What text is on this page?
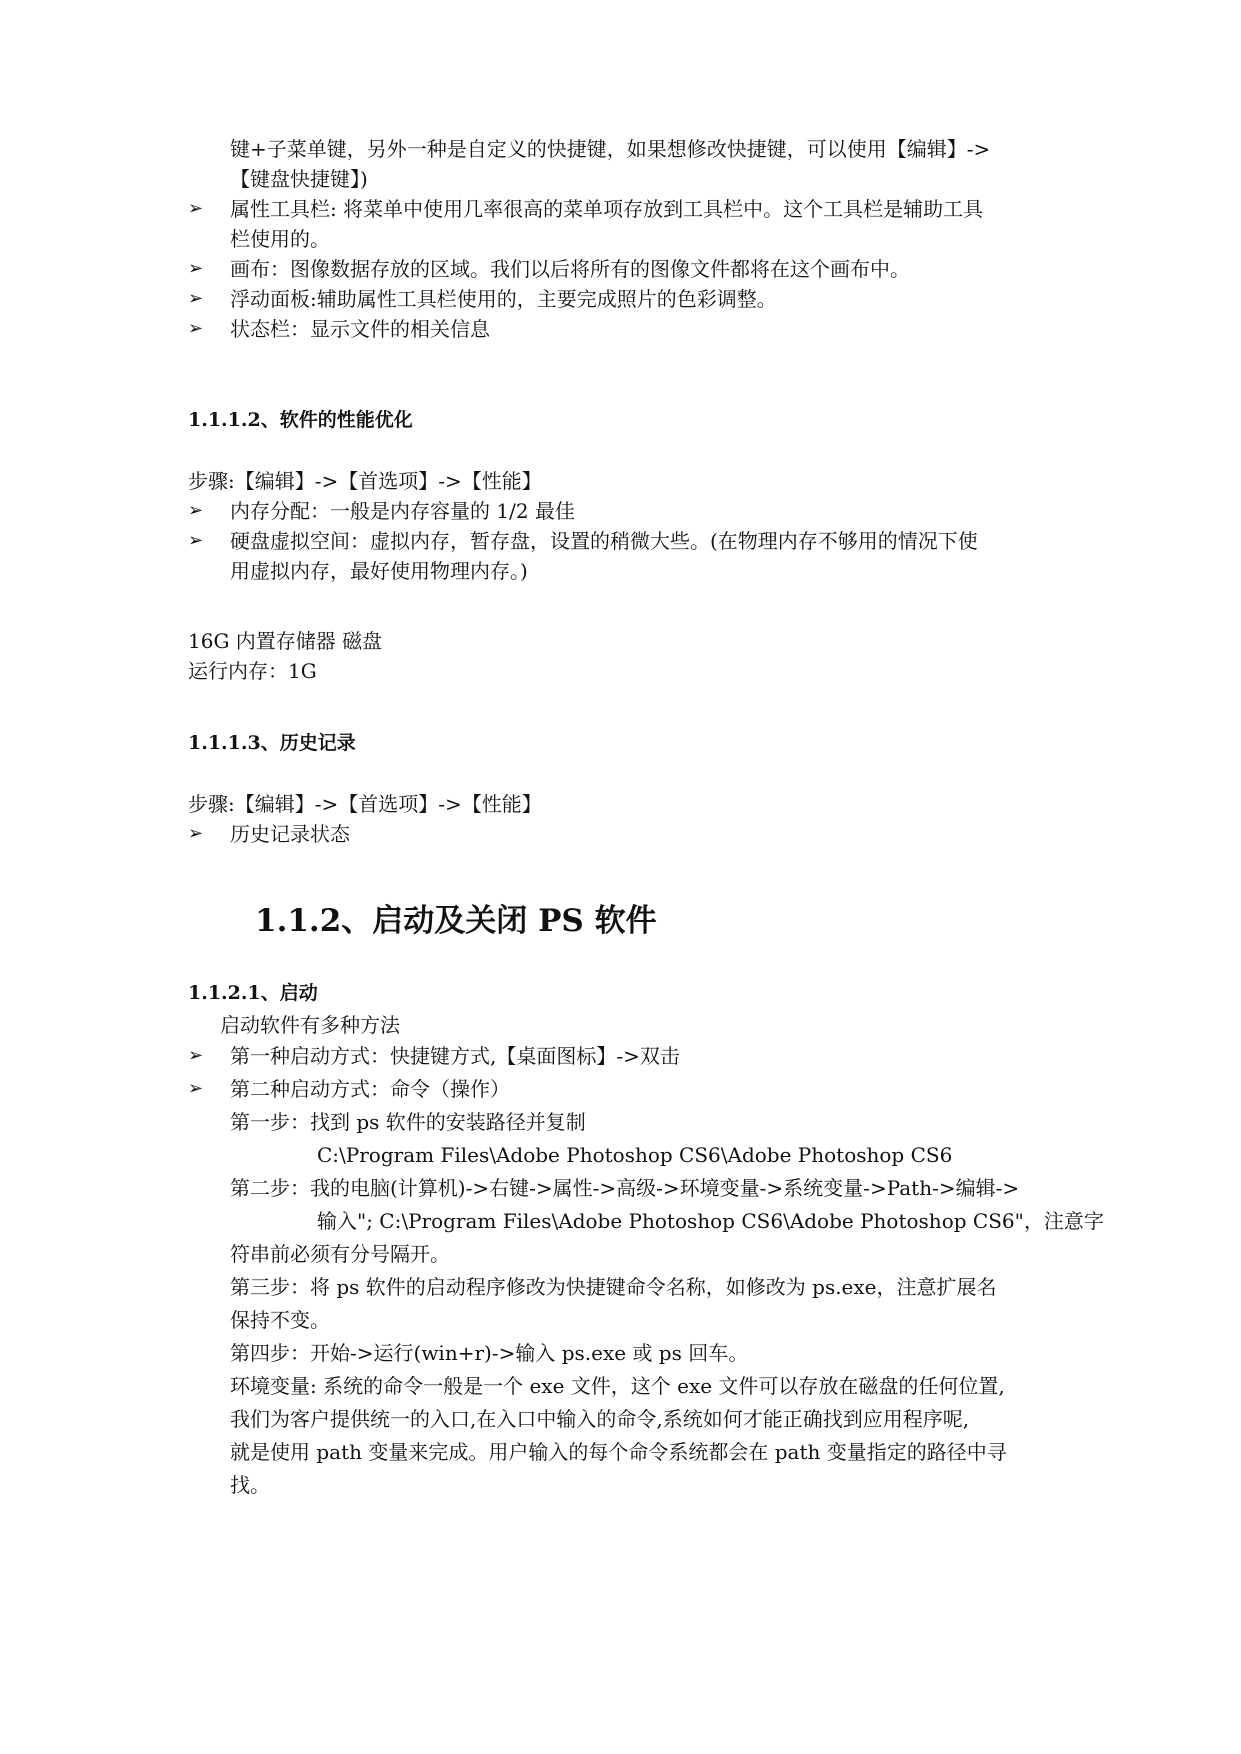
键+子菜单键，另外一种是自定义的快捷键，如果想修改快捷键，可以使用【编辑】->
【键盘快捷键】)
➢ 属性工具栏: 将菜单中使用几率很高的菜单项存放到工具栏中。这个工具栏是辅助工具
栏使用的。
➢ 画布：图像数据存放的区域。我们以后将所有的图像文件都将在这个画布中。
➢ 浮动面板:辅助属性工具栏使用的，主要完成照片的色彩调整。
➢ 状态栏：显示文件的相关信息
1.1.1.2、软件的性能优化
步骤:【编辑】->【首选项】->【性能】
➢ 内存分配：一般是内存容量的 1/2 最佳
➢ 硬盘虚拟空间：虚拟内存，暂存盘，设置的稍微大些。(在物理内存不够用的情况下使
用虚拟内存，最好使用物理内存。)
16G 内置存储器 磁盘
运行内存：1G
1.1.1.3、历史记录
步骤:【编辑】->【首选项】->【性能】
➢ 历史记录状态
1.1.2、启动及关闭 PS 软件
1.1.2.1、启动
启动软件有多种方法
➢ 第一种启动方式：快捷键方式,【桌面图标】->双击
➢ 第二种启动方式：命令（操作）
第一步：找到 ps 软件的安装路径并复制
C:\Program Files\Adobe Photoshop CS6\Adobe Photoshop CS6
第二步：我的电脑(计算机)->右键->属性->高级->环境变量->系统变量->Path->编辑->
输入"; C:\Program Files\Adobe Photoshop CS6\Adobe Photoshop CS6"，注意字
符串前必须有分号隔开。
第三步：将 ps 软件的启动程序修改为快捷键命令名称，如修改为 ps.exe，注意扩展名
保持不变。
第四步：开始->运行(win+r)->输入 ps.exe 或 ps 回车。
环境变量: 系统的命令一般是一个 exe 文件，这个 exe 文件可以存放在磁盘的任何位置,
我们为客户提供统一的入口,在入口中输入的命令,系统如何才能正确找到应用程序呢,
就是使用 path 变量来完成。用户输入的每个命令系统都会在 path 变量指定的路径中寻
找。
